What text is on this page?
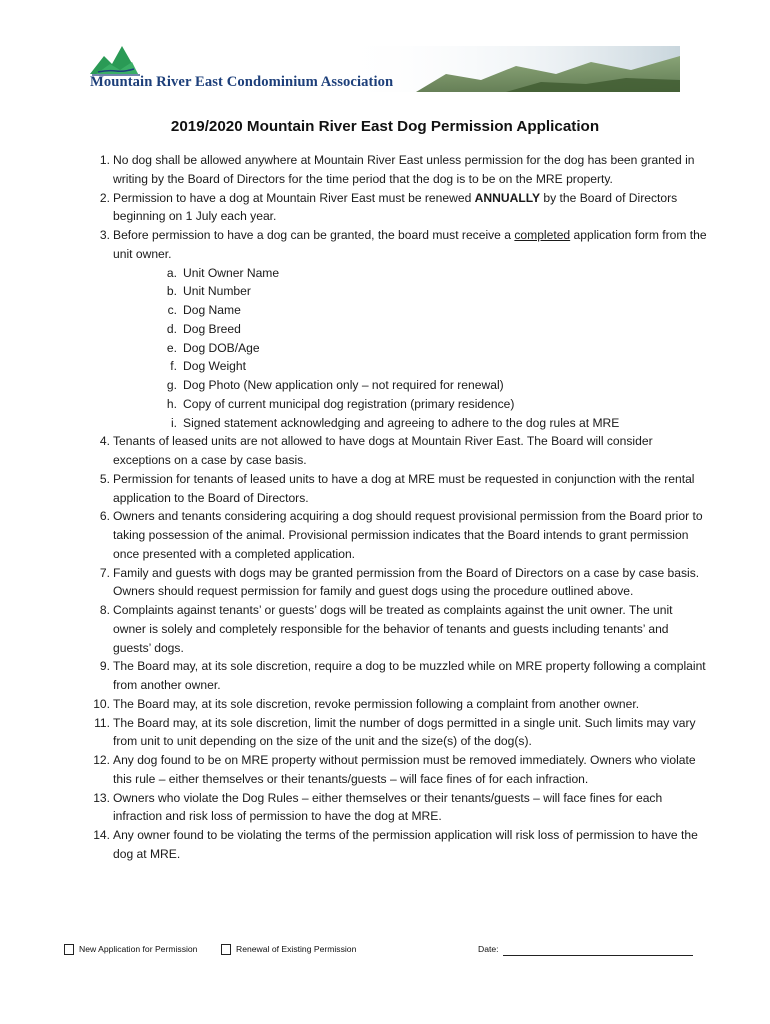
Mountain River East Condominium Association
2019/2020 Mountain River East Dog Permission Application
1. No dog shall be allowed anywhere at Mountain River East unless permission for the dog has been granted in writing by the Board of Directors for the time period that the dog is to be on the MRE property.
2. Permission to have a dog at Mountain River East must be renewed ANNUALLY by the Board of Directors beginning on 1 July each year.
3. Before permission to have a dog can be granted, the board must receive a completed application form from the unit owner.
a. Unit Owner Name
b. Unit Number
c. Dog Name
d. Dog Breed
e. Dog DOB/Age
f. Dog Weight
g. Dog Photo (New application only – not required for renewal)
h. Copy of current municipal dog registration (primary residence)
i. Signed statement acknowledging and agreeing to adhere to the dog rules at MRE
4. Tenants of leased units are not allowed to have dogs at Mountain River East. The Board will consider exceptions on a case by case basis.
5. Permission for tenants of leased units to have a dog at MRE must be requested in conjunction with the rental application to the Board of Directors.
6. Owners and tenants considering acquiring a dog should request provisional permission from the Board prior to taking possession of the animal. Provisional permission indicates that the Board intends to grant permission once presented with a completed application.
7. Family and guests with dogs may be granted permission from the Board of Directors on a case by case basis. Owners should request permission for family and guest dogs using the procedure outlined above.
8. Complaints against tenants’ or guests’ dogs will be treated as complaints against the unit owner. The unit owner is solely and completely responsible for the behavior of tenants and guests including tenants’ and guests’ dogs.
9. The Board may, at its sole discretion, require a dog to be muzzled while on MRE property following a complaint from another owner.
10. The Board may, at its sole discretion, revoke permission following a complaint from another owner.
11. The Board may, at its sole discretion, limit the number of dogs permitted in a single unit. Such limits may vary from unit to unit depending on the size of the unit and the size(s) of the dog(s).
12. Any dog found to be on MRE property without permission must be removed immediately. Owners who violate this rule – either themselves or their tenants/guests – will face fines of for each infraction.
13. Owners who violate the Dog Rules – either themselves or their tenants/guests – will face fines for each infraction and risk loss of permission to have the dog at MRE.
14. Any owner found to be violating the terms of the permission application will risk loss of permission to have the dog at MRE.
New Application for Permission	Renewal of Existing Permission	Date:
